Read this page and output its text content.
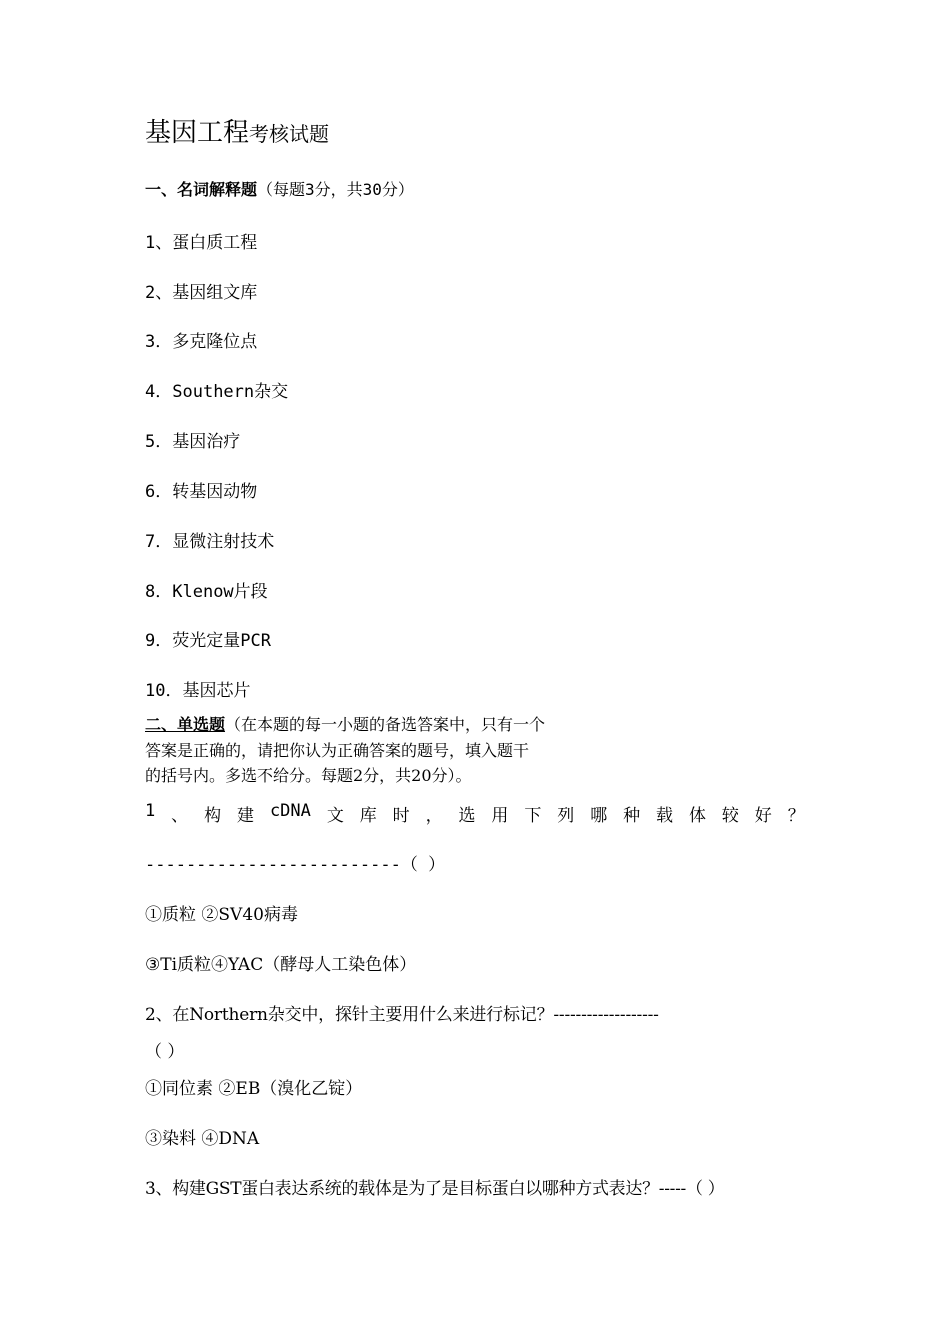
基因工程考核试题
一、名词解释题（每题3分，共30分）
1、蛋白质工程
2、基因组文库
3．多克隆位点
4．Southern杂交
5．基因治疗
6．转基因动物
7．显微注射技术
8．Klenow片段
9．荧光定量PCR
10．基因芯片
二、单选题（在本题的每一小题的备选答案中，只有一个
答案是正确的，请把你认为正确答案的题号，填入题干
的括号内。多选不给分。每题2分，共20分）。
1 、 构 建 cDNA 文 库 时 ， 选 用 下 列 哪 种 载 体 较 好 ？
-------------------------（ ）
①质粒 ②SV40病毒
③Ti质粒④YAC（酵母人工染色体）
2、在Northern杂交中，探针主要用什么来进行标记？-------------------
（ ）
①同位素 ②EB（溴化乙锭）
③染料 ④DNA
3、构建GST蛋白表达系统的载体是为了是目标蛋白以哪种方式表达？-----（ ）
